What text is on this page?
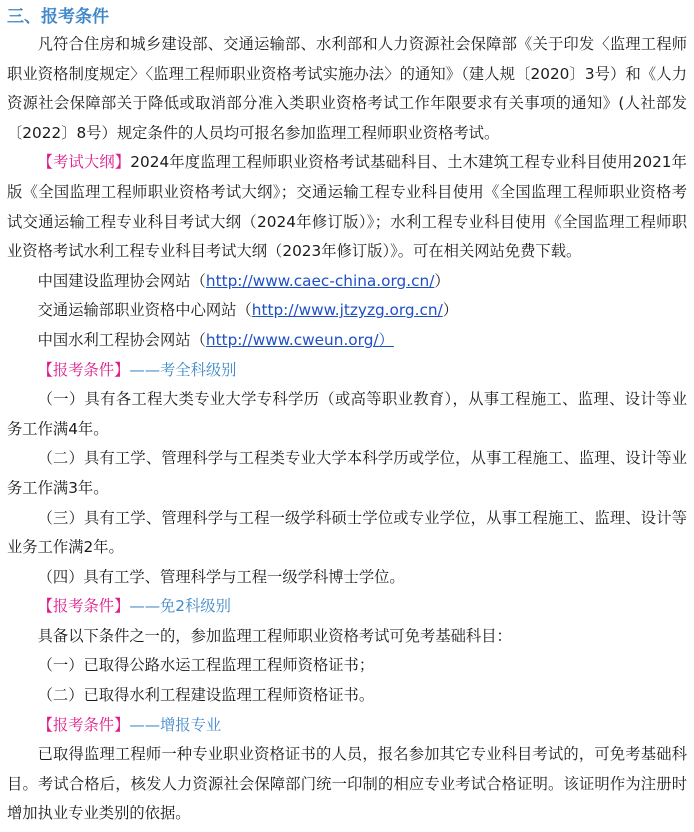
三、报考条件

凡符合住房和城乡建设部、交通运输部、水利部和人力资源社会保障部《关于印发〈监理工程师职业资格制度规定〉〈监理工程师职业资格考试实施办法〉的通知》（建人规〔2020〕3号）和《人力资源社会保障部关于降低或取消部分准入类职业资格考试工作年限要求有关事项的通知》(人社部发〔2022〕8号）规定条件的人员均可报名参加监理工程师职业资格考试。

【考试大纲】2024年度监理工程师职业资格考试基础科目、土木建筑工程专业科目使用2021年版《全国监理工程师职业资格考试大纲》；交通运输工程专业科目使用《全国监理工程师职业资格考试交通运输工程专业科目考试大纲（2024年修订版）》；水利工程专业科目使用《全国监理工程师职业资格考试水利工程专业科目考试大纲（2023年修订版）》。可在相关网站免费下载。

中国建设监理协会网站（http://www.caec-china.org.cn/）

交通运输部职业资格中心网站（http://www.jtzyzg.org.cn/）

中国水利工程协会网站（http://www.cweun.org/）

【报考条件】——考全科级别

（一）具有各工程大类专业大学专科学历（或高等职业教育），从事工程施工、监理、设计等业务工作满4年。

（二）具有工学、管理科学与工程类专业大学本科学历或学位，从事工程施工、监理、设计等业务工作满3年。

（三）具有工学、管理科学与工程一级学科硕士学位或专业学位，从事工程施工、监理、设计等业务工作满2年。

（四）具有工学、管理科学与工程一级学科博士学位。

【报考条件】——免2科级别

具备以下条件之一的，参加监理工程师职业资格考试可免考基础科目：

（一）已取得公路水运工程监理工程师资格证书；

（二）已取得水利工程建设监理工程师资格证书。

【报考条件】——增报专业

已取得监理工程师一种专业职业资格证书的人员，报名参加其它专业科目考试的，可免考基础科目。考试合格后，核发人力资源社会保障部门统一印制的相应专业考试合格证明。该证明作为注册时增加执业专业类别的依据。
